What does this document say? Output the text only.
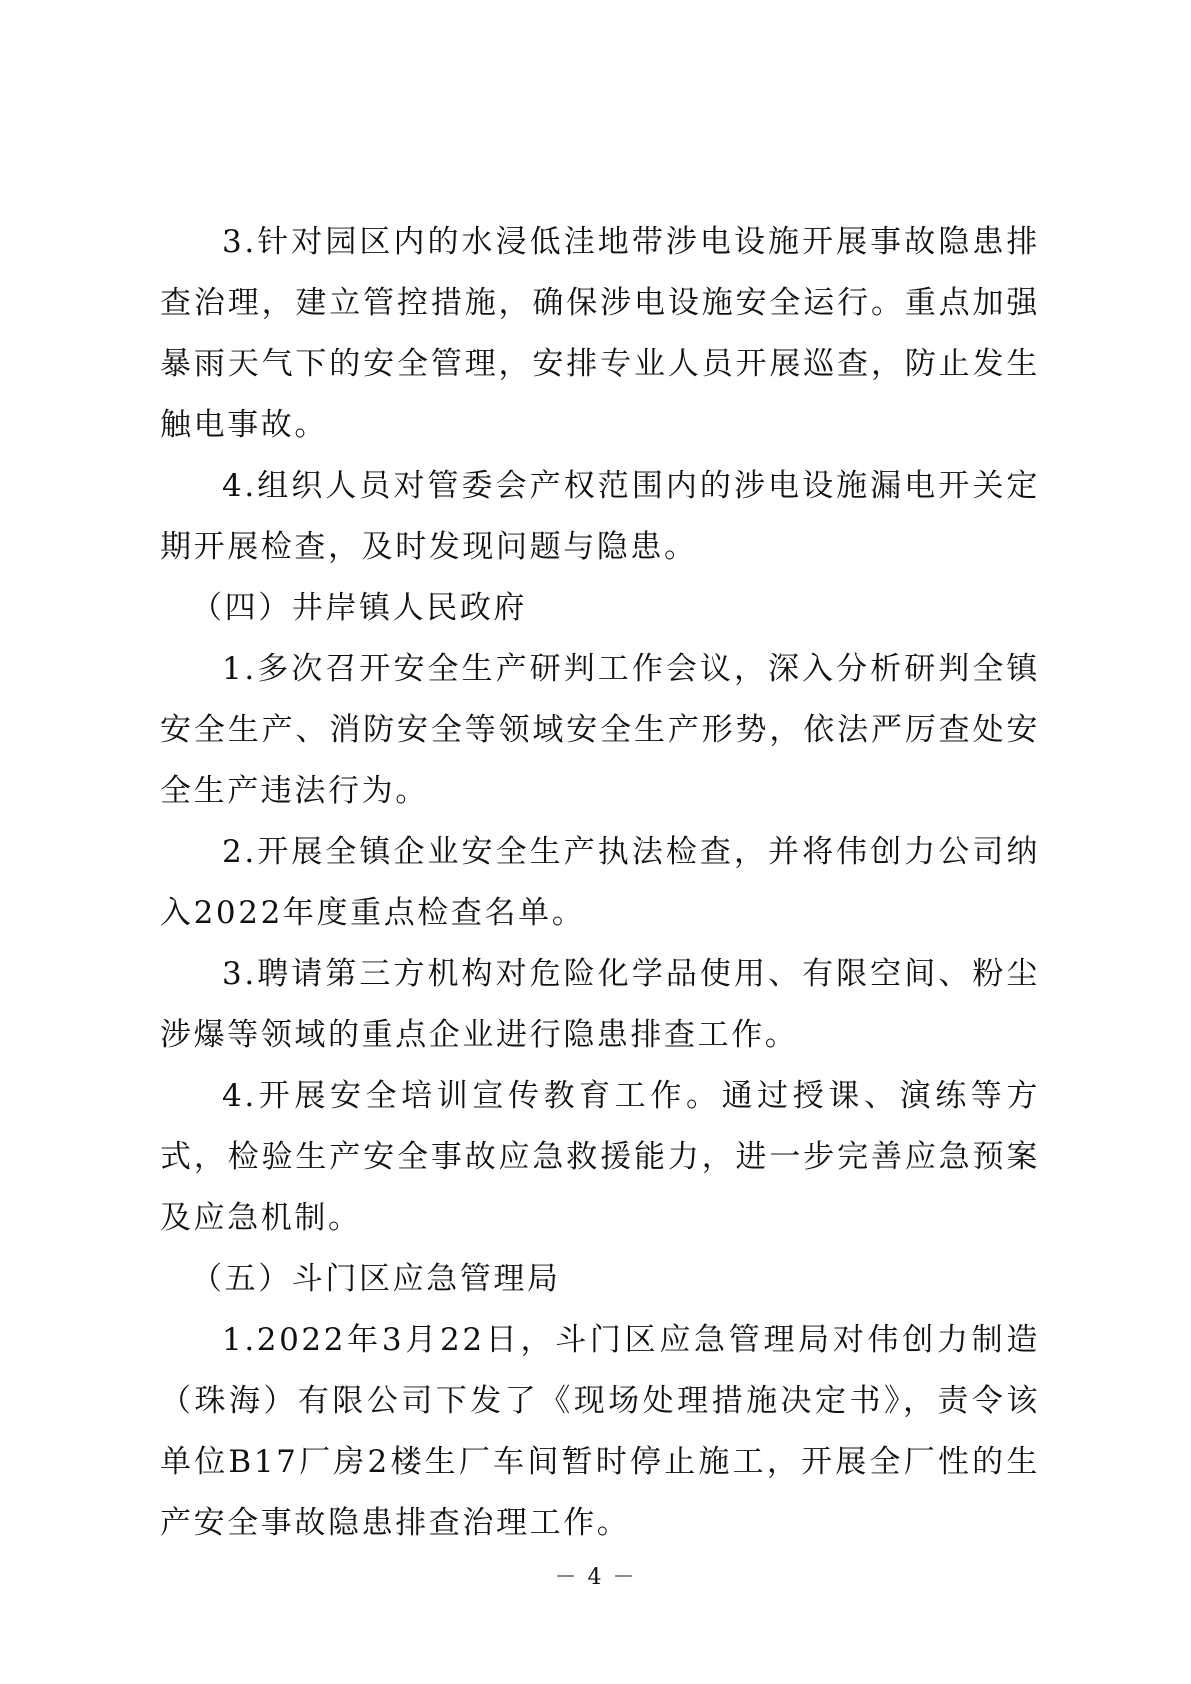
3.针对园区内的水浸低洼地带涉电设施开展事故隐患排查治理，建立管控措施，确保涉电设施安全运行。重点加强暴雨天气下的安全管理，安排专业人员开展巡查，防止发生触电事故。

4.组织人员对管委会产权范围内的涉电设施漏电开关定期开展检查，及时发现问题与隐患。

（四）井岸镇人民政府

1.多次召开安全生产研判工作会议，深入分析研判全镇安全生产、消防安全等领域安全生产形势，依法严厉查处安全生产违法行为。

2.开展全镇企业安全生产执法检查，并将伟创力公司纳入2022年度重点检查名单。

3.聘请第三方机构对危险化学品使用、有限空间、粉尘涉爆等领域的重点企业进行隐患排查工作。

4.开展安全培训宣传教育工作。通过授课、演练等方式，检验生产安全事故应急救援能力，进一步完善应急预案及应急机制。

（五）斗门区应急管理局

1.2022年3月22日，斗门区应急管理局对伟创力制造（珠海）有限公司下发了《现场处理措施决定书》，责令该单位B17厂房2楼生厂车间暂时停止施工，开展全厂性的生产安全事故隐患排查治理工作。

－ 4 －
